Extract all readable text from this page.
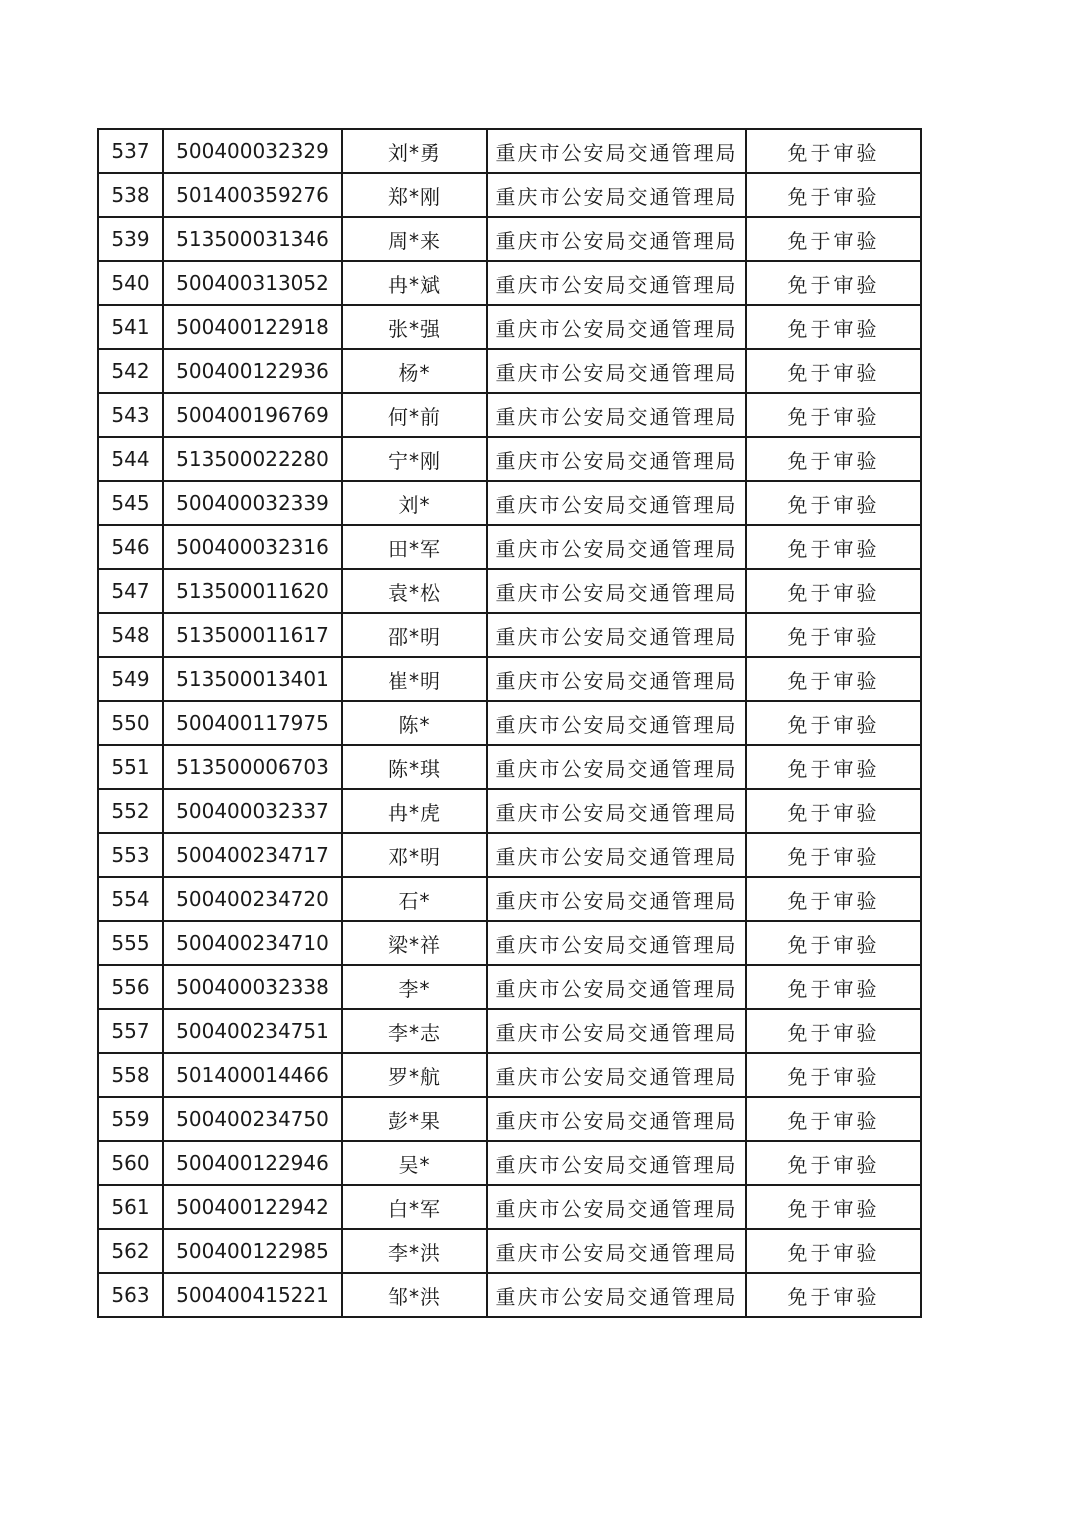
537	500400032329	刘*勇	重庆市公安局交通管理局	免于审验
538	501400359276	郑*刚	重庆市公安局交通管理局	免于审验
539	513500031346	周*来	重庆市公安局交通管理局	免于审验
540	500400313052	冉*斌	重庆市公安局交通管理局	免于审验
541	500400122918	张*强	重庆市公安局交通管理局	免于审验
542	500400122936	杨*	重庆市公安局交通管理局	免于审验
543	500400196769	何*前	重庆市公安局交通管理局	免于审验
544	513500022280	宁*刚	重庆市公安局交通管理局	免于审验
545	500400032339	刘*	重庆市公安局交通管理局	免于审验
546	500400032316	田*军	重庆市公安局交通管理局	免于审验
547	513500011620	袁*松	重庆市公安局交通管理局	免于审验
548	513500011617	邵*明	重庆市公安局交通管理局	免于审验
549	513500013401	崔*明	重庆市公安局交通管理局	免于审验
550	500400117975	陈*	重庆市公安局交通管理局	免于审验
551	513500006703	陈*琪	重庆市公安局交通管理局	免于审验
552	500400032337	冉*虎	重庆市公安局交通管理局	免于审验
553	500400234717	邓*明	重庆市公安局交通管理局	免于审验
554	500400234720	石*	重庆市公安局交通管理局	免于审验
555	500400234710	梁*祥	重庆市公安局交通管理局	免于审验
556	500400032338	李*	重庆市公安局交通管理局	免于审验
557	500400234751	李*志	重庆市公安局交通管理局	免于审验
558	501400014466	罗*航	重庆市公安局交通管理局	免于审验
559	500400234750	彭*果	重庆市公安局交通管理局	免于审验
560	500400122946	吴*	重庆市公安局交通管理局	免于审验
561	500400122942	白*军	重庆市公安局交通管理局	免于审验
562	500400122985	李*洪	重庆市公安局交通管理局	免于审验
563	500400415221	邹*洪	重庆市公安局交通管理局	免于审验
